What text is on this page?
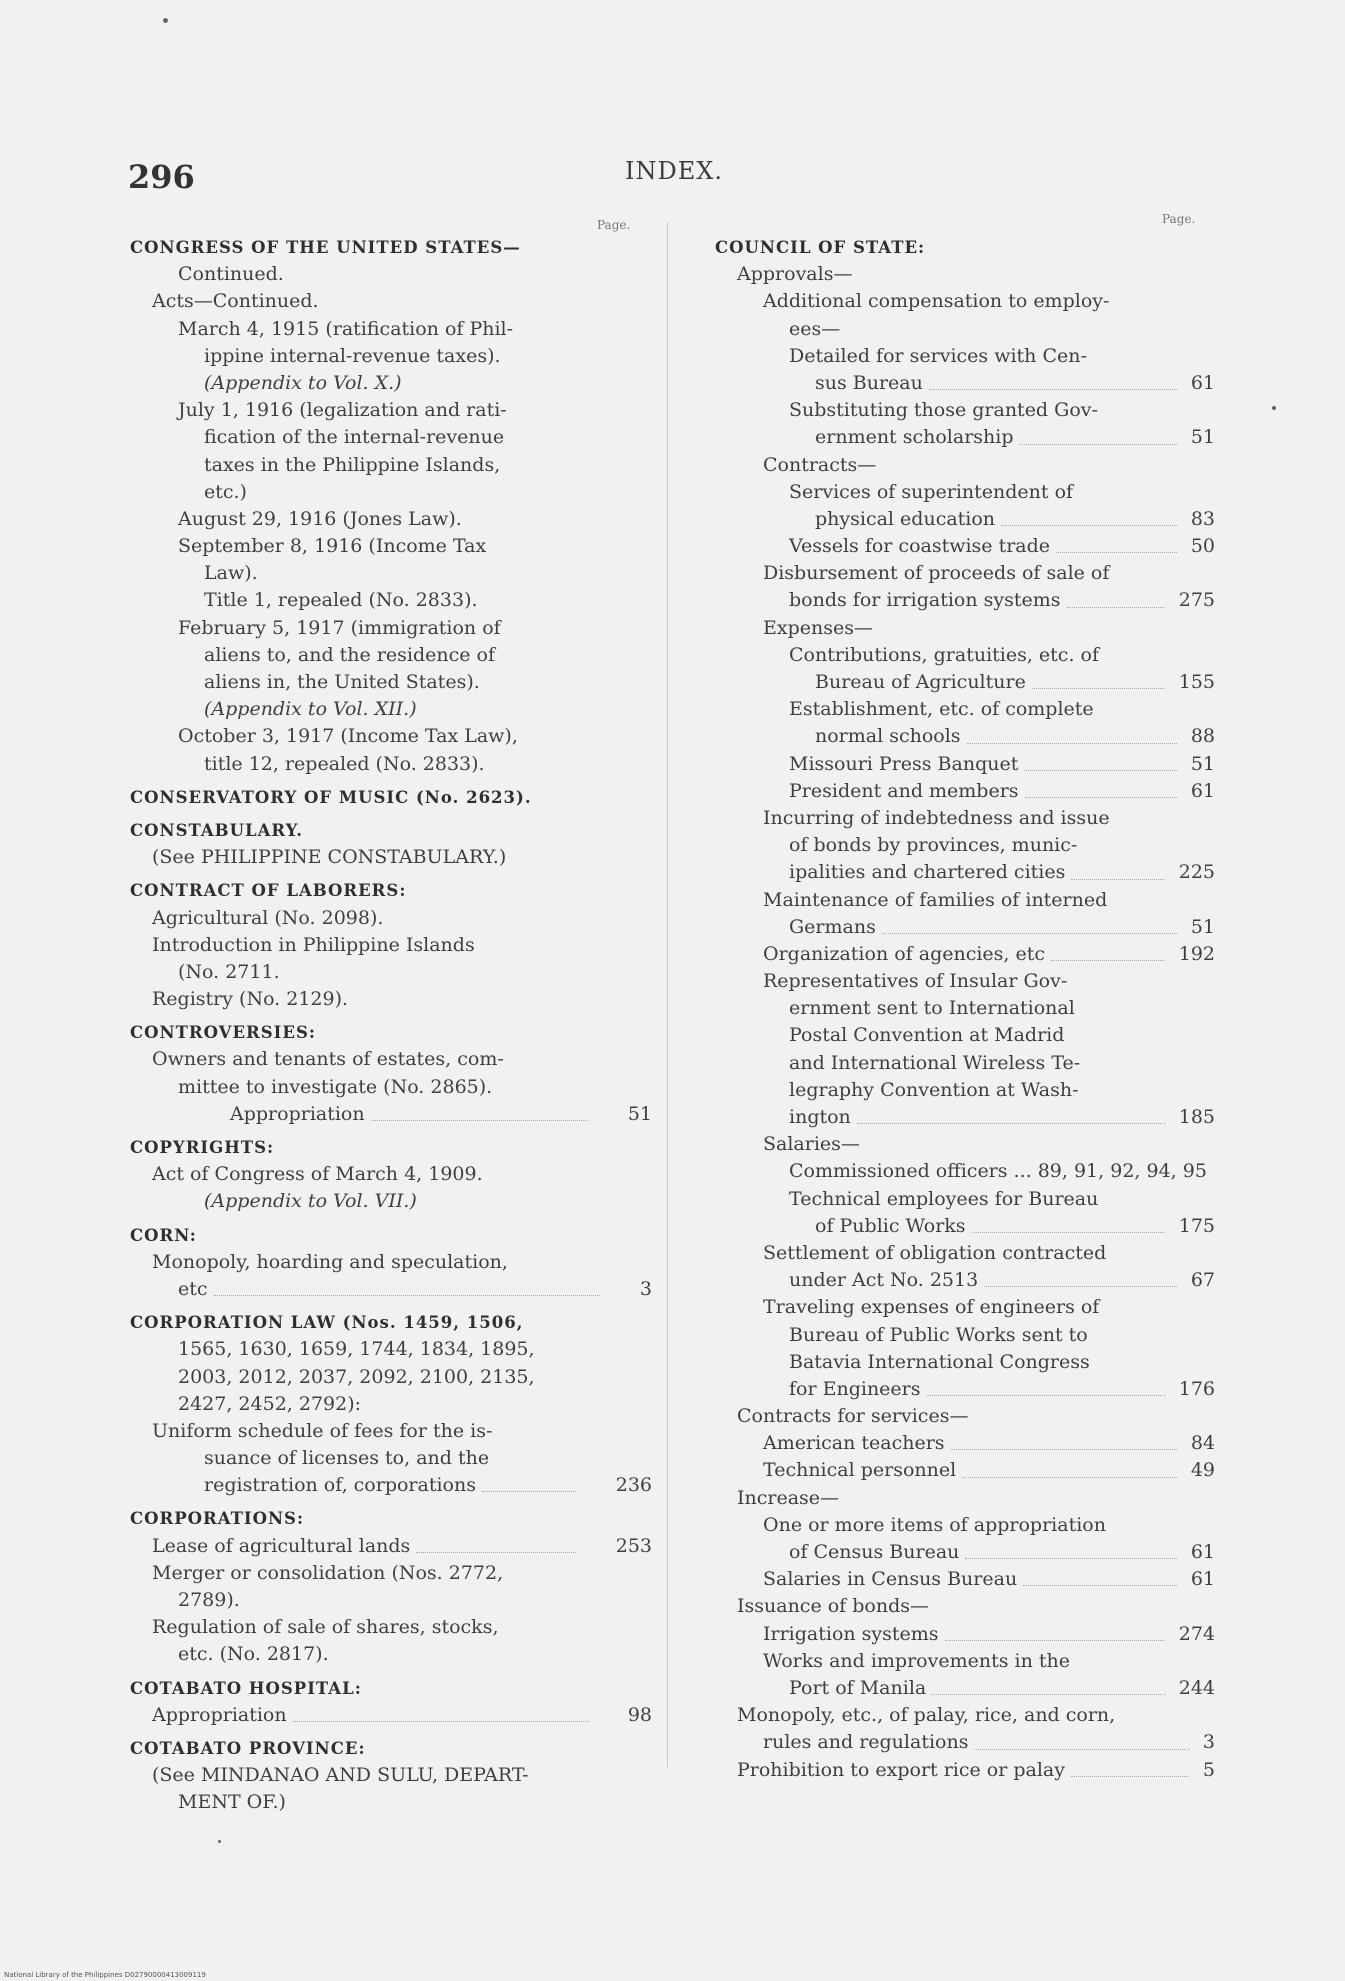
296	INDEX.
Page.	Page.
CONGRESS OF THE UNITED STATES—
Continued.
Acts—Continued.
March 4, 1915 (ratification of Phil-
ippine internal-revenue taxes).
(Appendix to Vol. X.)
July 1, 1916 (legalization and rati-
fication of the internal-revenue
taxes in the Philippine Islands,
etc.)
August 29, 1916 (Jones Law).
September 8, 1916 (Income Tax
Law).
Title 1, repealed (No. 2833).
February 5, 1917 (immigration of
aliens to, and the residence of
aliens in, the United States).
(Appendix to Vol. XII.)
October 3, 1917 (Income Tax Law),
title 12, repealed (No. 2833).
CONSERVATORY OF MUSIC (No. 2623).
CONSTABULARY.
(See PHILIPPINE CONSTABULARY.)
CONTRACT OF LABORERS:
Agricultural (No. 2098).
Introduction in Philippine Islands
(No. 2711.
Registry (No. 2129).
CONTROVERSIES:
Owners and tenants of estates, com-
mittee to investigate (No. 2865).
Appropriation	51
COPYRIGHTS:
Act of Congress of March 4, 1909.
(Appendix to Vol. VII.)
CORN:
Monopoly, hoarding and speculation,
etc	3
CORPORATION LAW (Nos. 1459, 1506,
1565, 1630, 1659, 1744, 1834, 1895,
2003, 2012, 2037, 2092, 2100, 2135,
2427, 2452, 2792):
Uniform schedule of fees for the is-
suance of licenses to, and the
registration of, corporations	236
CORPORATIONS:
Lease of agricultural lands	253
Merger or consolidation (Nos. 2772,
2789).
Regulation of sale of shares, stocks,
etc. (No. 2817).
COTABATO HOSPITAL:
Appropriation	98
COTABATO PROVINCE:
(See MINDANAO AND SULU, DEPART-
MENT OF.)
COUNCIL OF STATE:
Approvals—
Additional compensation to employ-
ees—
Detailed for services with Cen-
sus Bureau	61
Substituting those granted Gov-
ernment scholarship	51
Contracts—
Services of superintendent of
physical education	83
Vessels for coastwise trade	50
Disbursement of proceeds of sale of
bonds for irrigation systems	275
Expenses—
Contributions, gratuities, etc. of
Bureau of Agriculture	155
Establishment, etc. of complete
normal schools	88
Missouri Press Banquet	51
President and members	61
Incurring of indebtedness and issue
of bonds by provinces, munic-
ipalities and chartered cities	225
Maintenance of families of interned
Germans	51
Organization of agencies, etc	192
Representatives of Insular Gov-
ernment sent to International
Postal Convention at Madrid
and International Wireless Te-
legraphy Convention at Wash-
ington	185
Salaries—
Commissioned officers ... 89, 91, 92, 94, 95
Technical employees for Bureau
of Public Works	175
Settlement of obligation contracted
under Act No. 2513	67
Traveling expenses of engineers of
Bureau of Public Works sent to
Batavia International Congress
for Engineers	176
Contracts for services—
American teachers	84
Technical personnel	49
Increase—
One or more items of appropriation
of Census Bureau	61
Salaries in Census Bureau	61
Issuance of bonds—
Irrigation systems	274
Works and improvements in the
Port of Manila	244
Monopoly, etc., of palay, rice, and corn,
rules and regulations	3
Prohibition to export rice or palay	5
National Library of the Philippines D02790000413009119
